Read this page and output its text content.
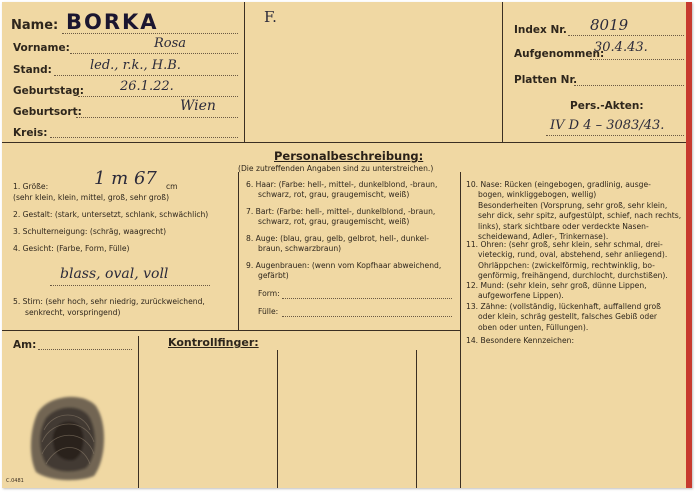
Name: BORKA
Vorname:	Rosa
Stand:	led., r.k., H.B.
Geburtstag:	26.1.22.
Geburtsort:	Wien
Kreis:
F.
Index Nr. 8019
Aufgenommen:
30.4.43.
Platten Nr.
Pers.-Akten:
IV D 4 – 3083/43.
Personalbeschreibung:
(Die zutreffenden Angaben sind zu unterstreichen.)
1. Größe:	1 m 67 cm
(sehr klein, klein, mittel, groß, sehr groß)
2. Gestalt: (stark, untersetzt, schlank, schwächlich)
3. Schulterneigung: (schräg, waagrecht)
4. Gesicht: (Farbe, Form, Fülle)
blass, oval, voll
5. Stirn: (sehr hoch, sehr niedrig, zurückweichend,
senkrecht, vorspringend)
6. Haar: (Farbe: hell-, mittel-, dunkelblond, -braun,
schwarz, rot, grau, graugemischt, weiß)
7. Bart: (Farbe: hell-, mittel-, dunkelblond, -braun,
schwarz, rot, grau, graugemischt, weiß)
8. Auge: (blau, grau, gelb, gelbrot, hell-, dunkel-
braun, schwarzbraun)
9. Augenbrauen: (wenn vom Kopfhaar abweichend,
gefärbt)
Form:
Fülle:
10. Nase: Rücken (eingebogen, gradlinig, ausge-
bogen, winkliggebogen, wellig)
Besonderheiten (Vorsprung, sehr groß, sehr klein,
sehr dick, sehr spitz, aufgestülpt, schief, nach rechts,
links), stark sichtbare oder verdeckte Nasen-
scheidewand, Adler-, Trinkernase).
11. Ohren: (sehr groß, sehr klein, sehr schmal, drei-
vieteckig, rund, oval, abstehend, sehr anliegend).
Ohrläppchen: (zwickelförmig, rechtwinklig, bo-
genförmig, freihängend, durchlocht, durchstißen).
12. Mund: (sehr klein, sehr groß, dünne Lippen,
aufgeworfene Lippen).
13. Zähne: (vollständig, lückenhaft, auffallend groß
oder klein, schräg gestellt, falsches Gebiß oder
oben oder unten, Füllungen).
14. Besondere Kennzeichen:
Am:	Kontrollfinger:
C.0481
